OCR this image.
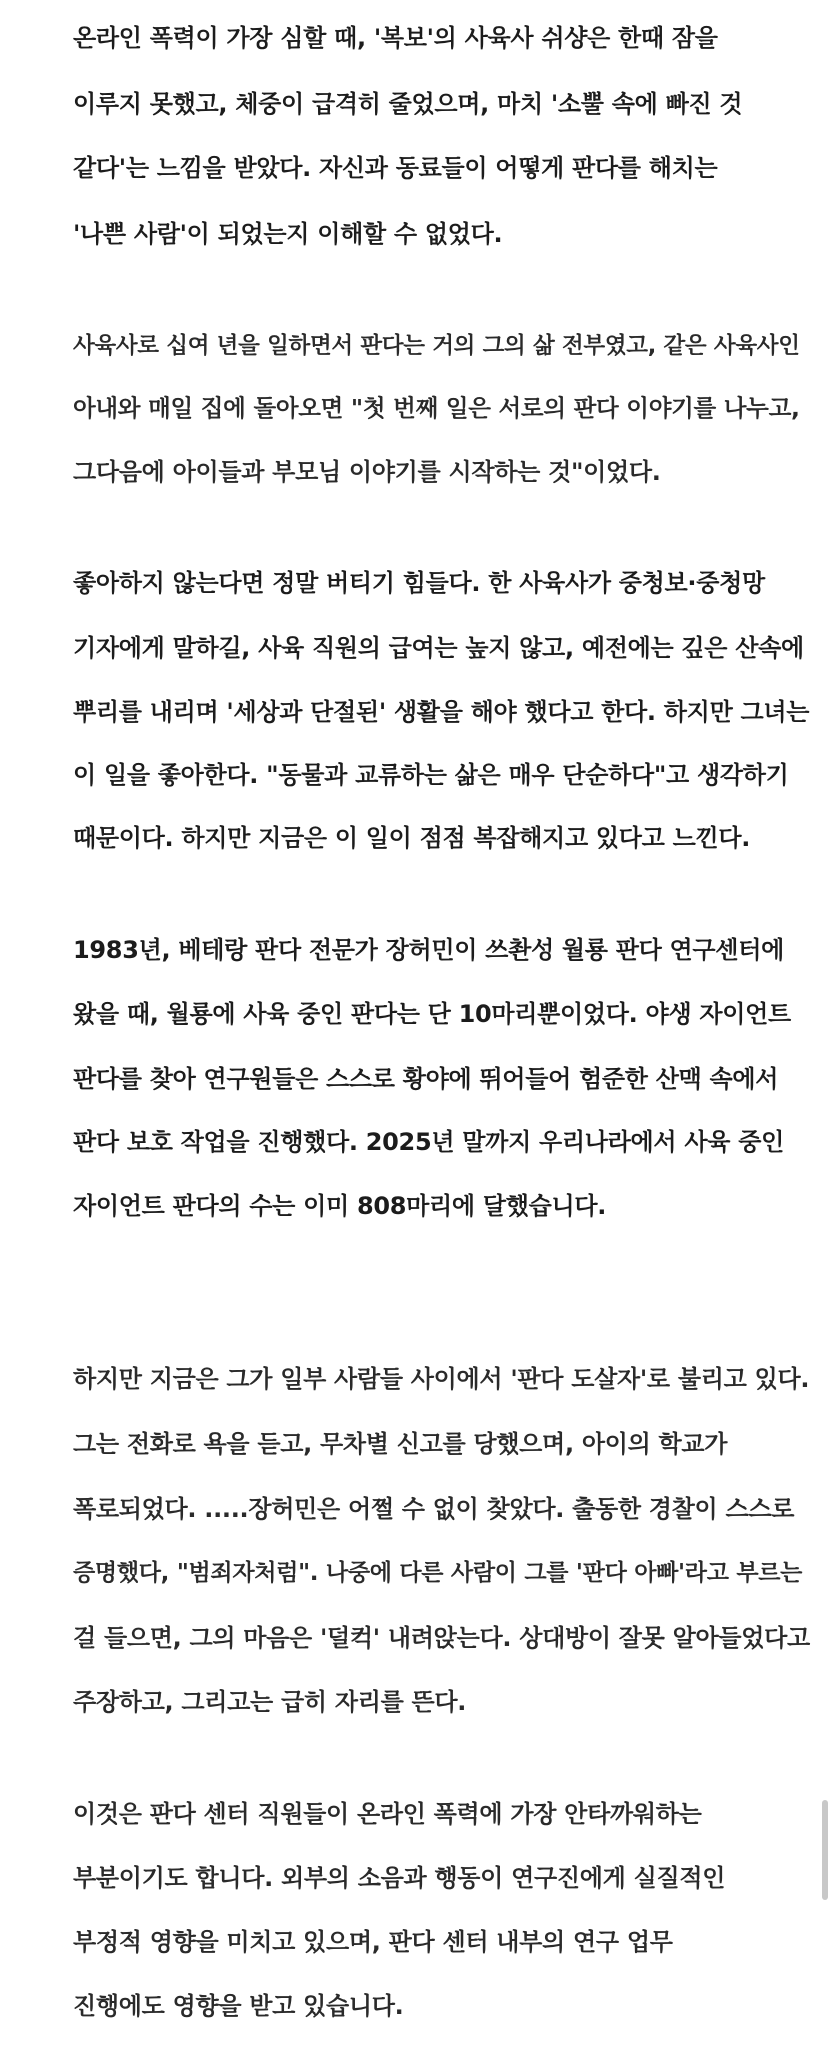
온라인 폭력이 가장 심할 때, '복보'의 사육사 쉬샹은 한때 잠을
이루지 못했고, 체중이 급격히 줄었으며, 마치 '소뿔 속에 빠진 것
같다'는 느낌을 받았다. 자신과 동료들이 어떻게 판다를 해치는
'나쁜 사람'이 되었는지 이해할 수 없었다.
사육사로 십여 년을 일하면서 판다는 거의 그의 삶 전부였고, 같은 사육사인
아내와 매일 집에 돌아오면 "첫 번째 일은 서로의 판다 이야기를 나누고,
그다음에 아이들과 부모님 이야기를 시작하는 것"이었다.
좋아하지 않는다면 정말 버티기 힘들다. 한 사육사가 중청보·중청망
기자에게 말하길, 사육 직원의 급여는 높지 않고, 예전에는 깊은 산속에
뿌리를 내리며 '세상과 단절된' 생활을 해야 했다고 한다. 하지만 그녀는
이 일을 좋아한다. "동물과 교류하는 삶은 매우 단순하다"고 생각하기
때문이다. 하지만 지금은 이 일이 점점 복잡해지고 있다고 느낀다.
1983년, 베테랑 판다 전문가 장허민이 쓰촨성 월룡 판다 연구센터에
왔을 때, 월룡에 사육 중인 판다는 단 10마리뿐이었다. 야생 자이언트
판다를 찾아 연구원들은 스스로 황야에 뛰어들어 험준한 산맥 속에서
판다 보호 작업을 진행했다. 2025년 말까지 우리나라에서 사육 중인
자이언트 판다의 수는 이미 808마리에 달했습니다.
하지만 지금은 그가 일부 사람들 사이에서 '판다 도살자'로 불리고 있다.
그는 전화로 욕을 듣고, 무차별 신고를 당했으며, 아이의 학교가
폭로되었다. .....장허민은 어쩔 수 없이 찾았다. 출동한 경찰이 스스로
증명했다, "범죄자처럼". 나중에 다른 사람이 그를 '판다 아빠'라고 부르는
걸 들으면, 그의 마음은 '덜컥' 내려앉는다. 상대방이 잘못 알아들었다고
주장하고, 그리고는 급히 자리를 뜬다.
이것은 판다 센터 직원들이 온라인 폭력에 가장 안타까워하는
부분이기도 합니다. 외부의 소음과 행동이 연구진에게 실질적인
부정적 영향을 미치고 있으며, 판다 센터 내부의 연구 업무
진행에도 영향을 받고 있습니다.
